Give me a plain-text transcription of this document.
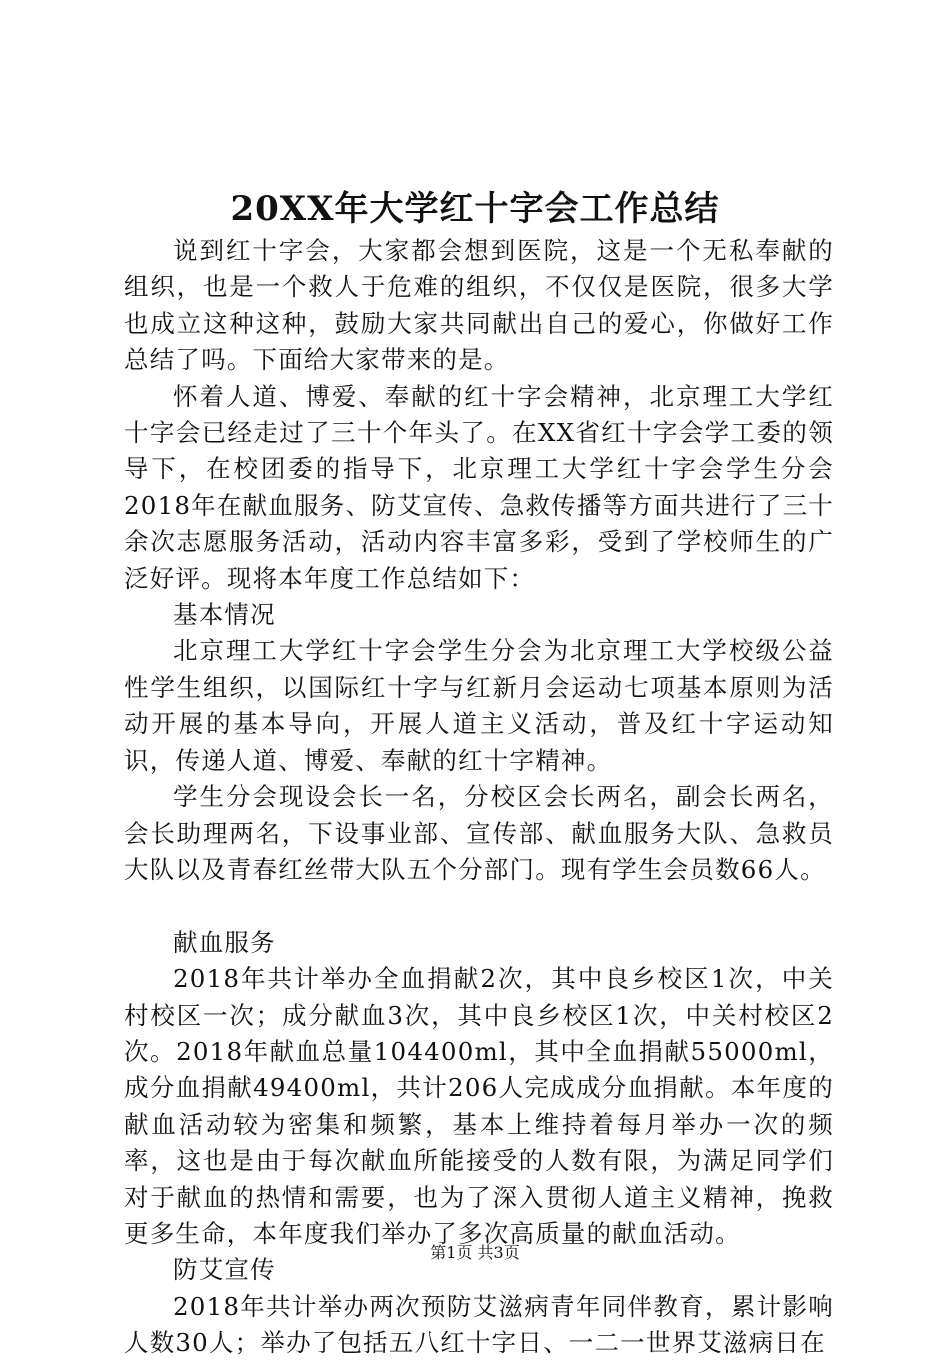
20XX年大学红十字会工作总结

说到红十字会，大家都会想到医院，这是一个无私奉献的组织，也是一个救人于危难的组织，不仅仅是医院，很多大学也成立这种这种，鼓励大家共同献出自己的爱心，你做好工作总结了吗。下面给大家带来的是。

怀着人道、博爱、奉献的红十字会精神，北京理工大学红十字会已经走过了三十个年头了。在XX省红十字会学工委的领导下，在校团委的指导下，北京理工大学红十字会学生分会2018年在献血服务、防艾宣传、急救传播等方面共进行了三十余次志愿服务活动，活动内容丰富多彩，受到了学校师生的广泛好评。现将本年度工作总结如下：

基本情况

北京理工大学红十字会学生分会为北京理工大学校级公益性学生组织，以国际红十字与红新月会运动七项基本原则为活动开展的基本导向，开展人道主义活动，普及红十字运动知识，传递人道、博爱、奉献的红十字精神。

学生分会现设会长一名，分校区会长两名，副会长两名，会长助理两名，下设事业部、宣传部、献血服务大队、急救员大队以及青春红丝带大队五个分部门。现有学生会员数66人。

献血服务

2018年共计举办全血捐献2次，其中良乡校区1次，中关村校区一次；成分献血3次，其中良乡校区1次，中关村校区2次。2018年献血总量104400ml，其中全血捐献55000ml，成分血捐献49400ml，共计206人完成成分血捐献。本年度的献血活动较为密集和频繁，基本上维持着每月举办一次的频率，这也是由于每次献血所能接受的人数有限，为满足同学们对于献血的热情和需要，也为了深入贯彻人道主义精神，挽救更多生命，本年度我们举办了多次高质量的献血活动。

防艾宣传

2018年共计举办两次预防艾滋病青年同伴教育，累计影响人数30人；举办了包括五八红十字日、一二一世界艾滋病日在

第1页 共3页
